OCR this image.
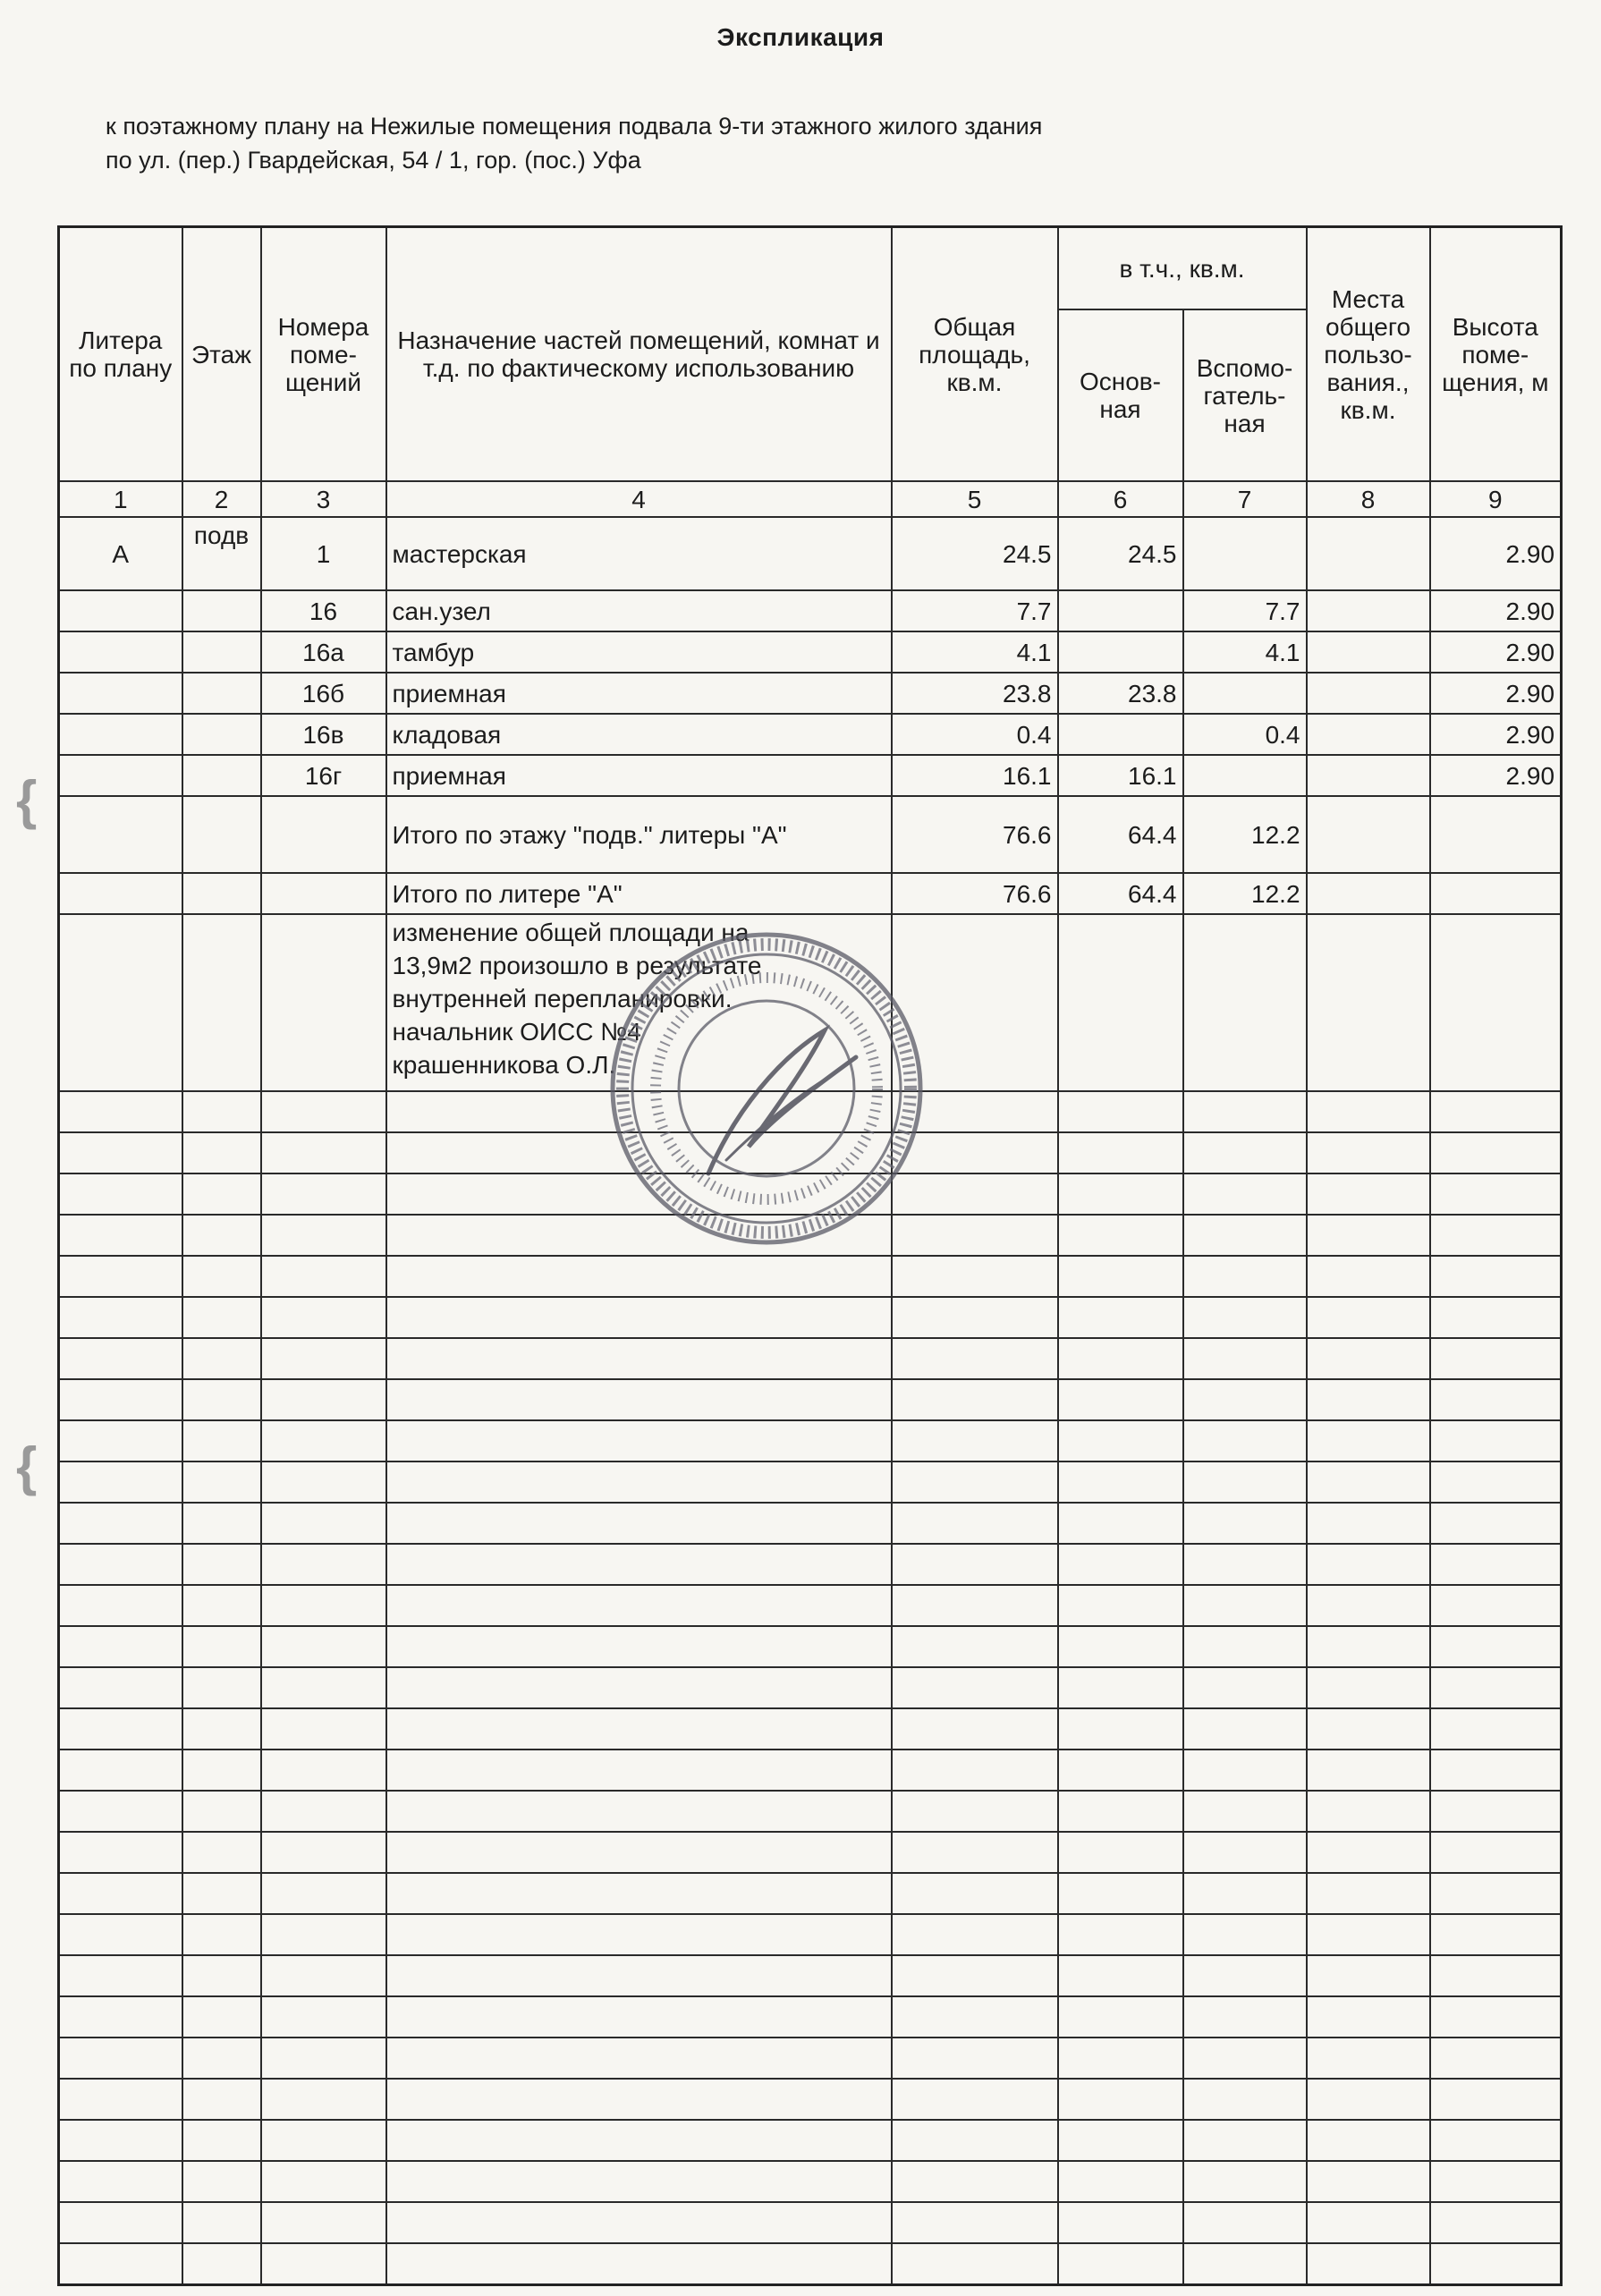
Экспликация
к поэтажному плану на Нежилые помещения подвала 9-ти этажного жилого здания
по ул. (пер.) Гвардейская, 54 / 1, гор. (пос.) Уфа
Литера по плану	Этаж	Номера поме-щений	Назначение частей помещений, комнат и т.д. по фактическому использованию	Общая площадь, кв.м.	в т.ч., кв.м.		Места общего пользо-вания., кв.м.	Высота поме-щения, м
					Основ-ная	Вспомо-гатель-ная		
1	2	3	4	5	6	7	8	9
А	подв	1	мастерская	24.5	24.5			2.90
		16	сан.узел	7.7		7.7		2.90
		16а	тамбур	4.1		4.1		2.90
		16б	приемная	23.8	23.8			2.90
		16в	кладовая	0.4		0.4		2.90
		16г	приемная	16.1	16.1			2.90
			Итого по этажу "подв." литеры "А"	76.6	64.4	12.2		
			Итого по литере "А"	76.6	64.4	12.2		

			изменение общей площади на
13,9м2 произошло в результате
внутренней перепланировки.
начальник ОИСС №4
крашенникова О.Л.					

{
{
